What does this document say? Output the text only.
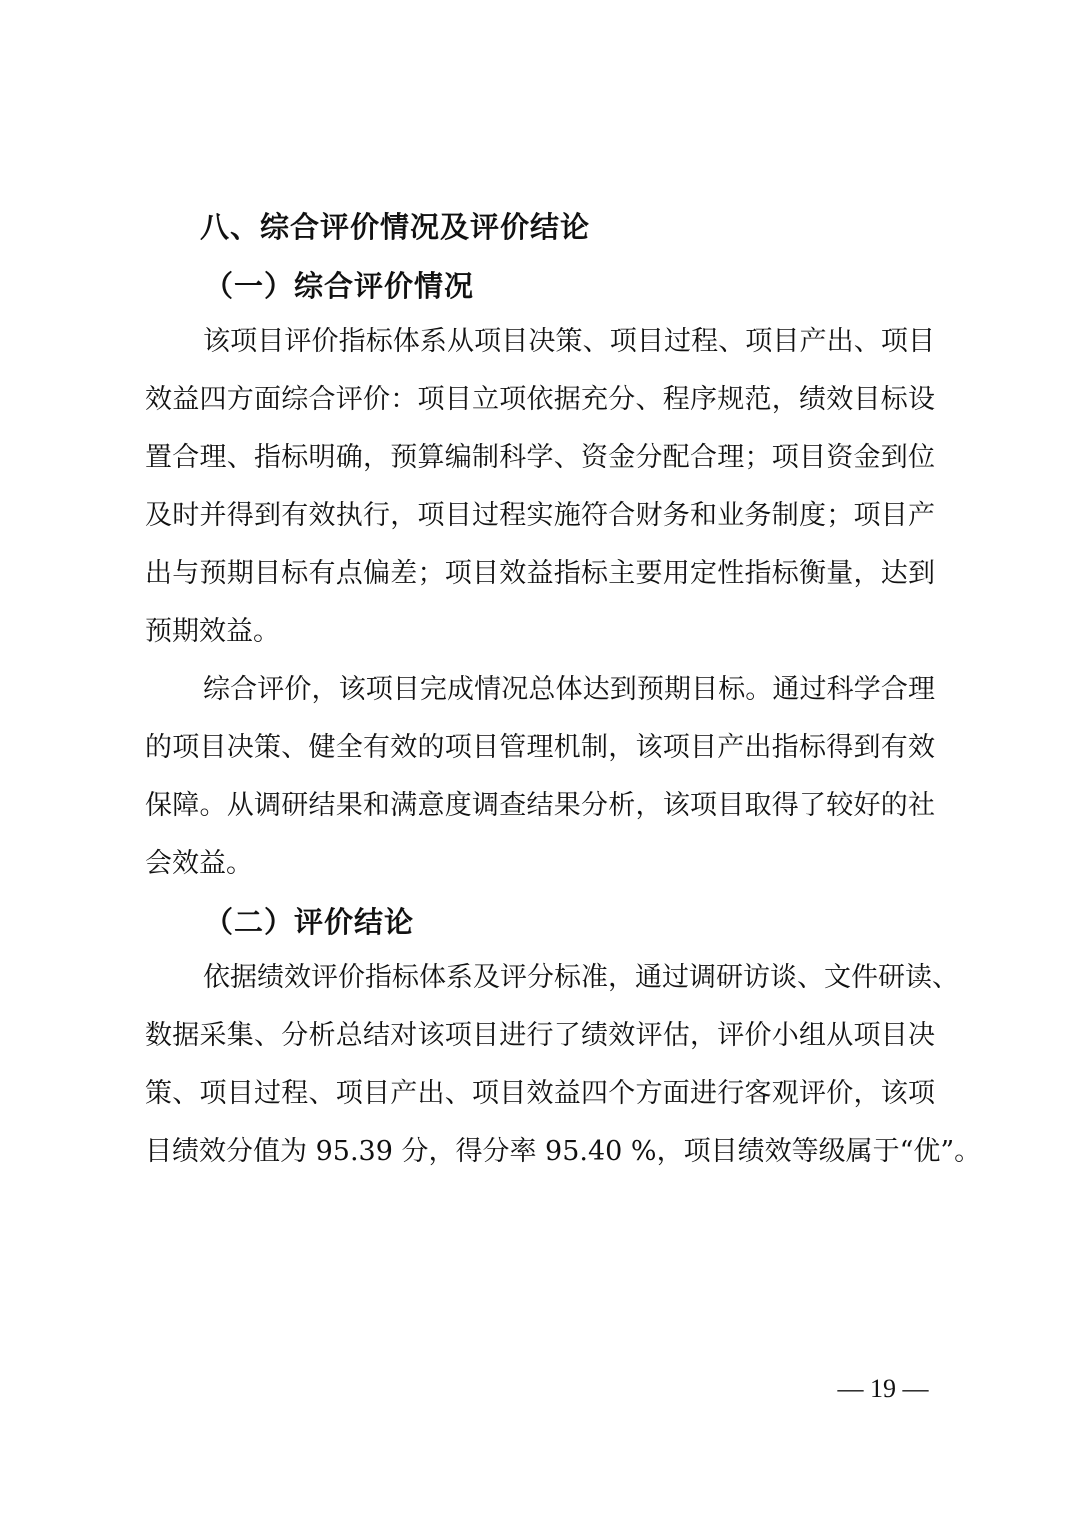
八、综合评价情况及评价结论
（一）综合评价情况
该项目评价指标体系从项目决策、项目过程、项目产出、项目
效益四方面综合评价：项目立项依据充分、程序规范，绩效目标设
置合理、指标明确，预算编制科学、资金分配合理；项目资金到位
及时并得到有效执行，项目过程实施符合财务和业务制度；项目产
出与预期目标有点偏差；项目效益指标主要用定性指标衡量，达到
预期效益。
综合评价，该项目完成情况总体达到预期目标。通过科学合理
的项目决策、健全有效的项目管理机制，该项目产出指标得到有效
保障。从调研结果和满意度调查结果分析，该项目取得了较好的社
会效益。
（二）评价结论
依据绩效评价指标体系及评分标准，通过调研访谈、文件研读、
数据采集、分析总结对该项目进行了绩效评估，评价小组从项目决
策、项目过程、项目产出、项目效益四个方面进行客观评价，该项
目绩效分值为 95.39 分，得分率 95.40 %，项目绩效等级属于“优”。
— 19 —
